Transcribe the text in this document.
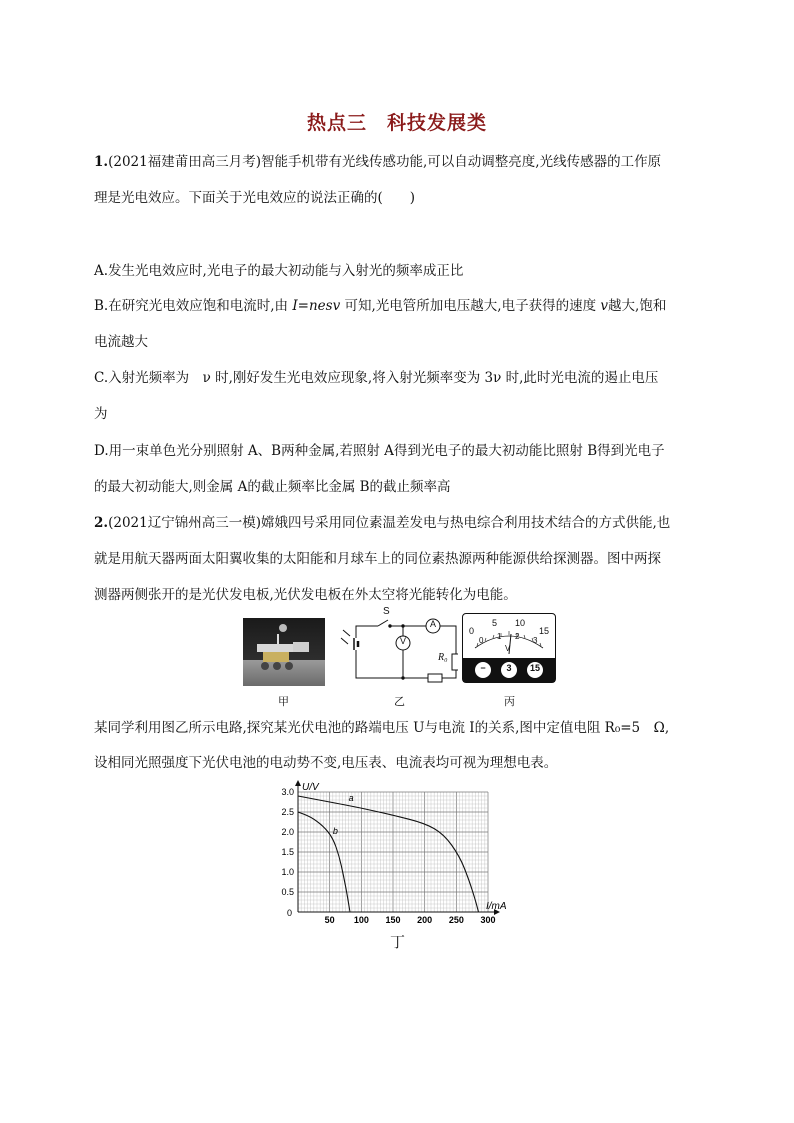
热点三　科技发展类
1.(2021福建莆田高三月考)智能手机带有光线传感功能,可以自动调整亮度,光线传感器的工作原
理是光电效应。下面关于光电效应的说法正确的(　　)
A.发生光电效应时,光电子的最大初动能与入射光的频率成正比
B.在研究光电效应饱和电流时,由 I=nesv 可知,光电管所加电压越大,电子获得的速度 v越大,饱和
电流越大
C.入射光频率为　ν 时,刚好发生光电效应现象,将入射光频率变为 3ν 时,此时光电流的遏止电压
为
D.用一束单色光分别照射 A、B两种金属,若照射 A得到光电子的最大初动能比照射 B得到光电子
的最大初动能大,则金属 A的截止频率比金属 B的截止频率高
2.(2021辽宁锦州高三一模)嫦娥四号采用同位素温差发电与热电综合利用技术结合的方式供能,也
就是用航天器两面太阳翼收集的太阳能和月球车上的同位素热源两种能源供给探测器。图中两探
测器两侧张开的是光伏发电板,光伏发电板在外太空将光能转化为电能。
S
A
V
R₀
0
5 10
15
0 1 2 3
V
−	3	15
甲	乙	丙
某同学利用图乙所示电路,探究某光伏电池的路端电压 U与电流 I的关系,图中定值电阻 R₀=5　Ω,
设相同光照强度下光伏电池的电动势不变,电压表、电流表均可视为理想电表。
50 100 150 200 250 300
3.0
2.5
2.0
1.5
1.0
0.5
0
U/V
I/mA
a
b
丁
